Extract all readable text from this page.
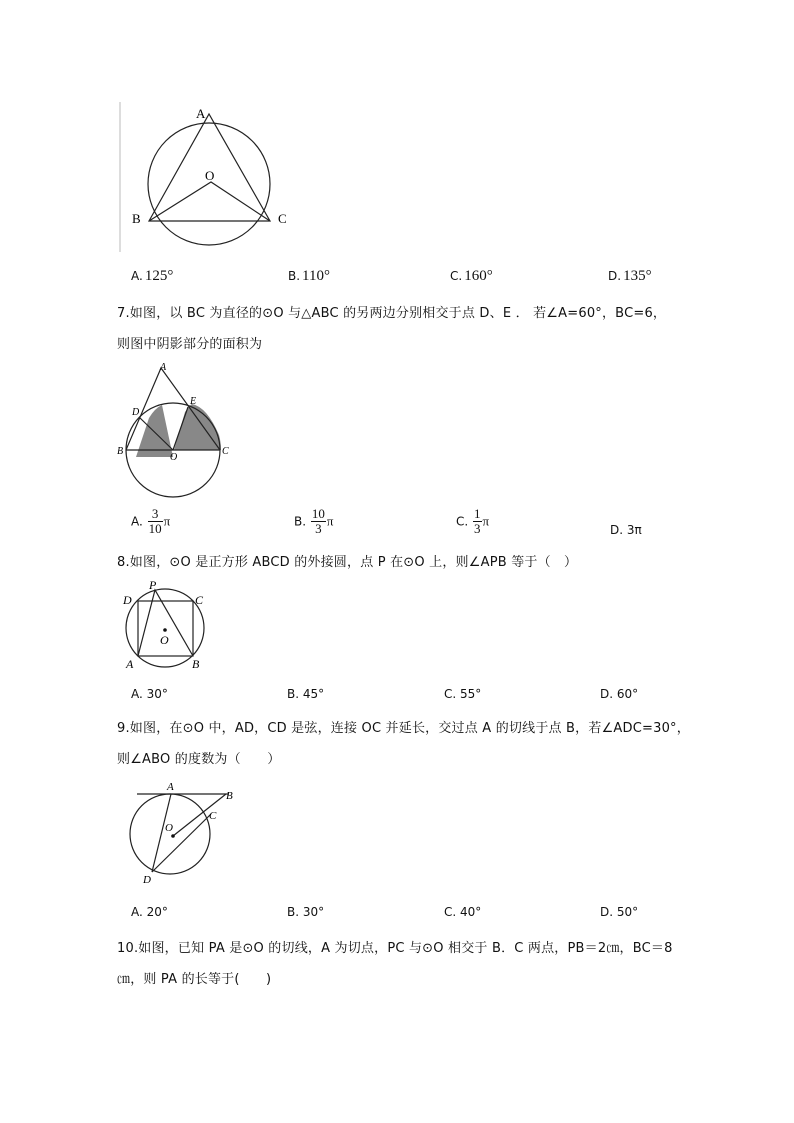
A
O
B	C
A. 125°	B. 110°	C. 160°	D. 135°
7.如图，以 BC 为直径的⊙O 与△ABC 的另两边分别相交于点 D、E ． 若∠A=60°，BC=6，
则图中阴影部分的面积为
A
E
D
B
O
C
A. $\frac{3}{10}$ π	B. $\frac{10}{3}$ π	C. $\frac{1}{3}$ π
D. 3π
8.如图，⊙O 是正方形 ABCD 的外接圆，点 P 在⊙O 上，则∠APB 等于（　）
P
D	C
O
A	B
A. 30°	B. 45°	C. 55°	D. 60°
9.如图，在⊙O 中，AD，CD 是弦，连接 OC 并延长，交过点 A 的切线于点 B，若∠ADC=30°，
则∠ABO 的度数为（　　）
A
B
C
O
D
A. 20°	B. 30°	C. 40°	D. 50°
10.如图，已知 PA 是⊙O 的切线，A 为切点，PC 与⊙O 相交于 B．C 两点，PB＝2㎝，BC＝8
㎝，则 PA 的长等于(　　)
